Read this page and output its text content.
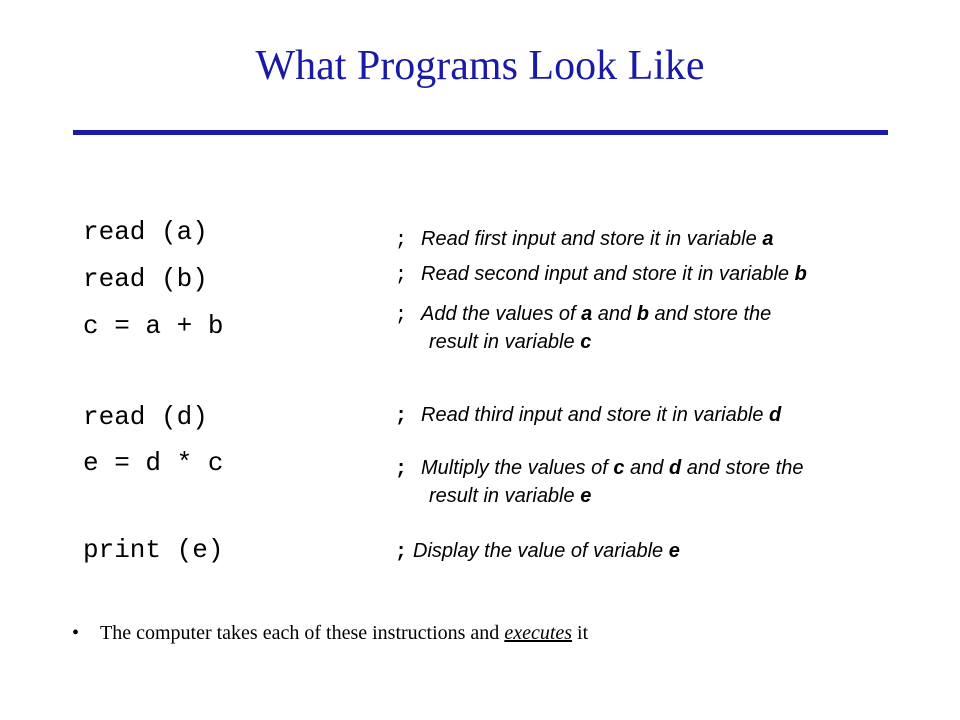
What Programs Look Like
read (a)
read (b)
c = a + b
read (d)
e = d * c
print (e)
; Read first input and store it in variable a
; Read second input and store it in variable b
; Add the values of a and b and store the
result in variable c
; Read third input and store it in variable d
; Multiply the values of c and d and store the
result in variable e
; Display the value of variable e
• The computer takes each of these instructions and executes it
